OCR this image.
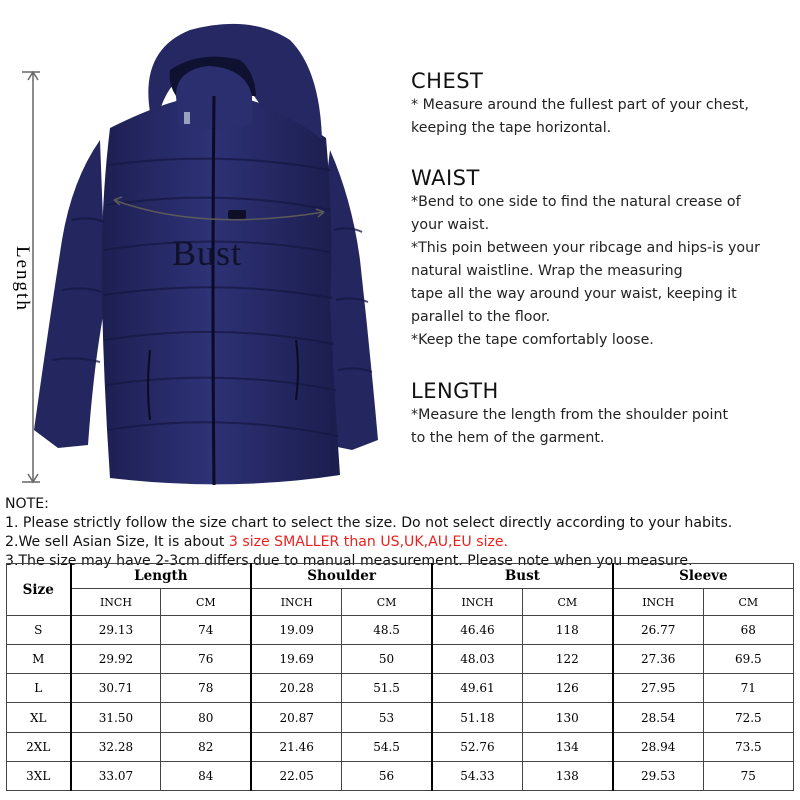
Length	Bust
CHEST

* Measure around the fullest part of your chest,

keeping the tape horizontal.

WAIST

*Bend to one side to find the natural crease of

your waist.

*This poin between your ribcage and hips-is your

natural waistline. Wrap the measuring

tape all the way around your waist, keeping it

parallel to the floor.

*Keep the tape comfortably loose.

LENGTH

*Measure the length from the shoulder point

to the hem of the garment.

NOTE:
1. Please strictly follow the size chart to select the size. Do not select directly according to your habits.
2.We sell Asian Size, It is about 3 size SMALLER than US,UK,AU,EU size.
3.The size may have 2-3cm differs,due to manual measurement. Please note when you measure.
Size	Length		Shoulder		Bust		Sleeve	
	INCH	CM	INCH	CM	INCH	CM	INCH	CM
S	29.13	74	19.09	48.5	46.46	118	26.77	68
M	29.92	76	19.69	50	48.03	122	27.36	69.5
L	30.71	78	20.28	51.5	49.61	126	27.95	71
XL	31.50	80	20.87	53	51.18	130	28.54	72.5
2XL	32.28	82	21.46	54.5	52.76	134	28.94	73.5
3XL	33.07	84	22.05	56	54.33	138	29.53	75
